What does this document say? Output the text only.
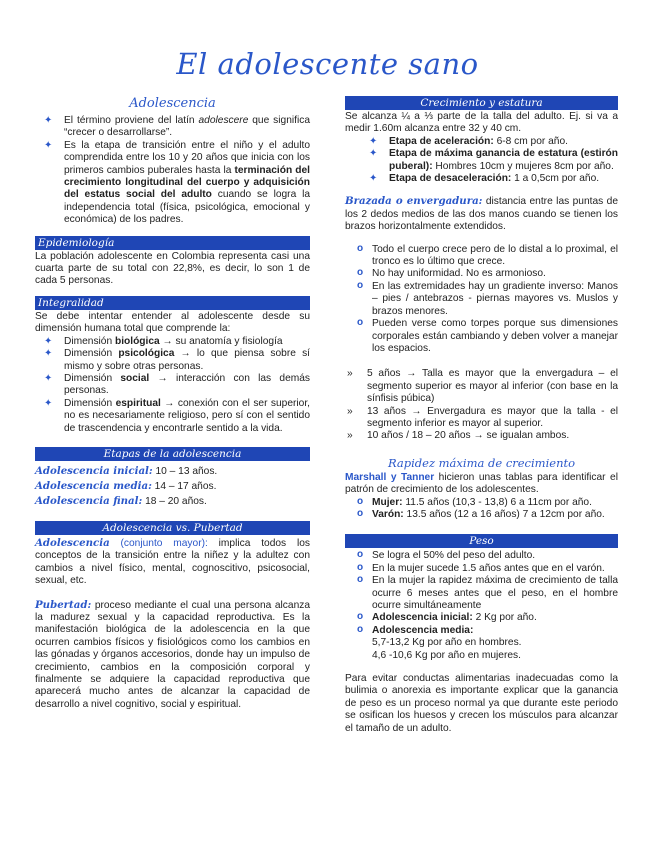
El adolescente sano
Adolescencia
✦ El término proviene del latín adolescere que significa “crecer o desarrollarse”.
✦ Es la etapa de transición entre el niño y el adulto comprendida entre los 10 y 20 años que inicia con los primeros cambios puberales hasta la terminación del crecimiento longitudinal del cuerpo y adquisición del estatus social del adulto cuando se logra la independencia total (física, psicológica, emocional y económica) de los padres.
Epidemiología

La población adolescente en Colombia representa casi una cuarta parte de su total con 22,8%, es decir, lo son 1 de cada 5 personas.

Integralidad

Se debe intentar entender al adolescente desde su dimensión humana total que comprende la:

✦ Dimensión biológica → su anatomía y fisiología
✦ Dimensión psicológica → lo que piensa sobre sí mismo y sobre otras personas.
✦ Dimensión social → interacción con las demás personas.
✦ Dimensión espiritual → conexión con el ser superior, no es necesariamente religioso, pero sí con el sentido de trascendencia y encontrarle sentido a la vida.
Etapas de la adolescencia
Adolescencia inicial: 10 – 13 años.
Adolescencia media: 14 – 17 años.
Adolescencia final: 18 – 20 años.
Adolescencia vs. Pubertad

Adolescencia (conjunto mayor): implica todos los conceptos de la transición entre la niñez y la adultez con cambios a nivel físico, mental, cognoscitivo, psicosocial, sexual, etc.

Pubertad: proceso mediante el cual una persona alcanza la madurez sexual y la capacidad reproductiva. Es la manifestación biológica de la adolescencia en la que ocurren cambios físicos y fisiológicos como los cambios en las gónadas y órganos accesorios, donde hay un impulso de crecimiento, cambios en la composición corporal y finalmente se adquiere la capacidad reproductiva que aparecerá mucho antes de alcanzar la capacidad de desarrollo a nivel cognitivo, social y espiritual.

Crecimiento y estatura

Se alcanza ¼ a ⅓ parte de la talla del adulto. Ej. si va a medir 1.60m alcanza entre 32 y 40 cm.

✦ Etapa de aceleración: 6-8 cm por año.
✦ Etapa de máxima ganancia de estatura (estirón puberal): Hombres 10cm y mujeres 8cm por año.
✦ Etapa de desaceleración: 1 a 0,5cm por año.

Brazada o envergadura: distancia entre las puntas de los 2 dedos medios de las dos manos cuando se tienen los brazos horizontalmente extendidos.

o Todo el cuerpo crece pero de lo distal a lo proximal, el tronco es lo último que crece.
o No hay uniformidad. No es armonioso.
o En las extremidades hay un gradiente inverso: Manos – pies / antebrazos - piernas mayores vs. Muslos y brazos menores.
o Pueden verse como torpes porque sus dimensiones corporales están cambiando y deben volver a manejar los espacios.
» 5 años → Talla es mayor que la envergadura – el segmento superior es mayor al inferior (con base en la sínfisis púbica)
» 13 años → Envergadura es mayor que la talla - el segmento inferior es mayor al superior.
» 10 años / 18 – 20 años → se igualan ambos.
Rapidez máxima de crecimiento

Marshall y Tanner hicieron unas tablas para identificar el patrón de crecimiento de los adolescentes.

o Mujer: 11.5 años (10,3 - 13,8) 6 a 11cm por año.
o Varón: 13.5 años (12 a 16 años) 7 a 12cm por año.
Peso
o Se logra el 50% del peso del adulto.
o En la mujer sucede 1.5 años antes que en el varón.
o En la mujer la rapidez máxima de crecimiento de talla ocurre 6 meses antes que el peso, en el hombre ocurre simultáneamente
o Adolescencia inicial: 2 Kg por año.
o Adolescencia media:
5,7-13,2 Kg por año en hombres.
4,6 -10,6 Kg por año en mujeres.

Para evitar conductas alimentarias inadecuadas como la bulimia o anorexia es importante explicar que la ganancia de peso es un proceso normal ya que durante este periodo se osifican los huesos y crecen los músculos para alcanzar el tamaño de un adulto.
